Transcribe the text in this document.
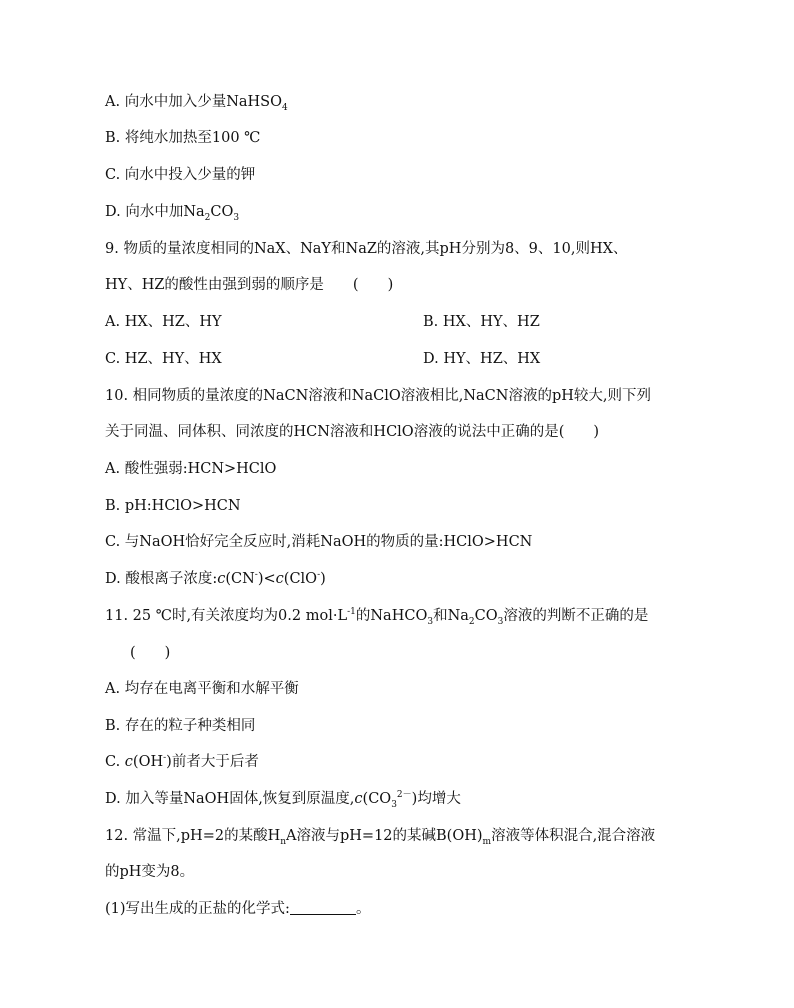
A. 向水中加入少量NaHSO$_4$
B. 将纯水加热至100 ℃
C. 向水中投入少量的钾
D. 向水中加$Na_2CO_3$
9. 物质的量浓度相同的NaX、NaY和NaZ的溶液,其pH分别为8、9、10,则HX、
HY、HZ的酸性由强到弱的顺序是　　(　　)
A. HX、HZ、HY	B. HX、HY、HZ
C. HZ、HY、HX	D. HY、HZ、HX
10. 相同物质的量浓度的NaCN溶液和NaClO溶液相比,NaCN溶液的pH较大,则下列
关于同温、同体积、同浓度的HCN溶液和HClO溶液的说法中正确的是(　　)
A. 酸性强弱:HCN>HClO
B. pH:HClO>HCN
C. 与NaOH恰好完全反应时,消耗NaOH的物质的量:HClO>HCN
D. 酸根离子浓度:c(CN-)<c(ClO-)
11. 25 ℃时,有关浓度均为0.2 $mol\cdot L^{-1}$的NaHCO$_3$和$Na_2CO_3$溶液的判断不正确的是
(　　)
A. 均存在电离平衡和水解平衡
B. 存在的粒子种类相同
C. c(OH-)前者大于后者
D. 加入等量NaOH固体,恢复到原温度$,c(CO_3^{2-})$均增大
12. 常温下,pH=2的某酸$H_nA$溶液与pH=12的某碱$B(OH)_m$溶液等体积混合,混合溶液
的pH变为8。
(1)写出生成的正盐的化学式:	。
